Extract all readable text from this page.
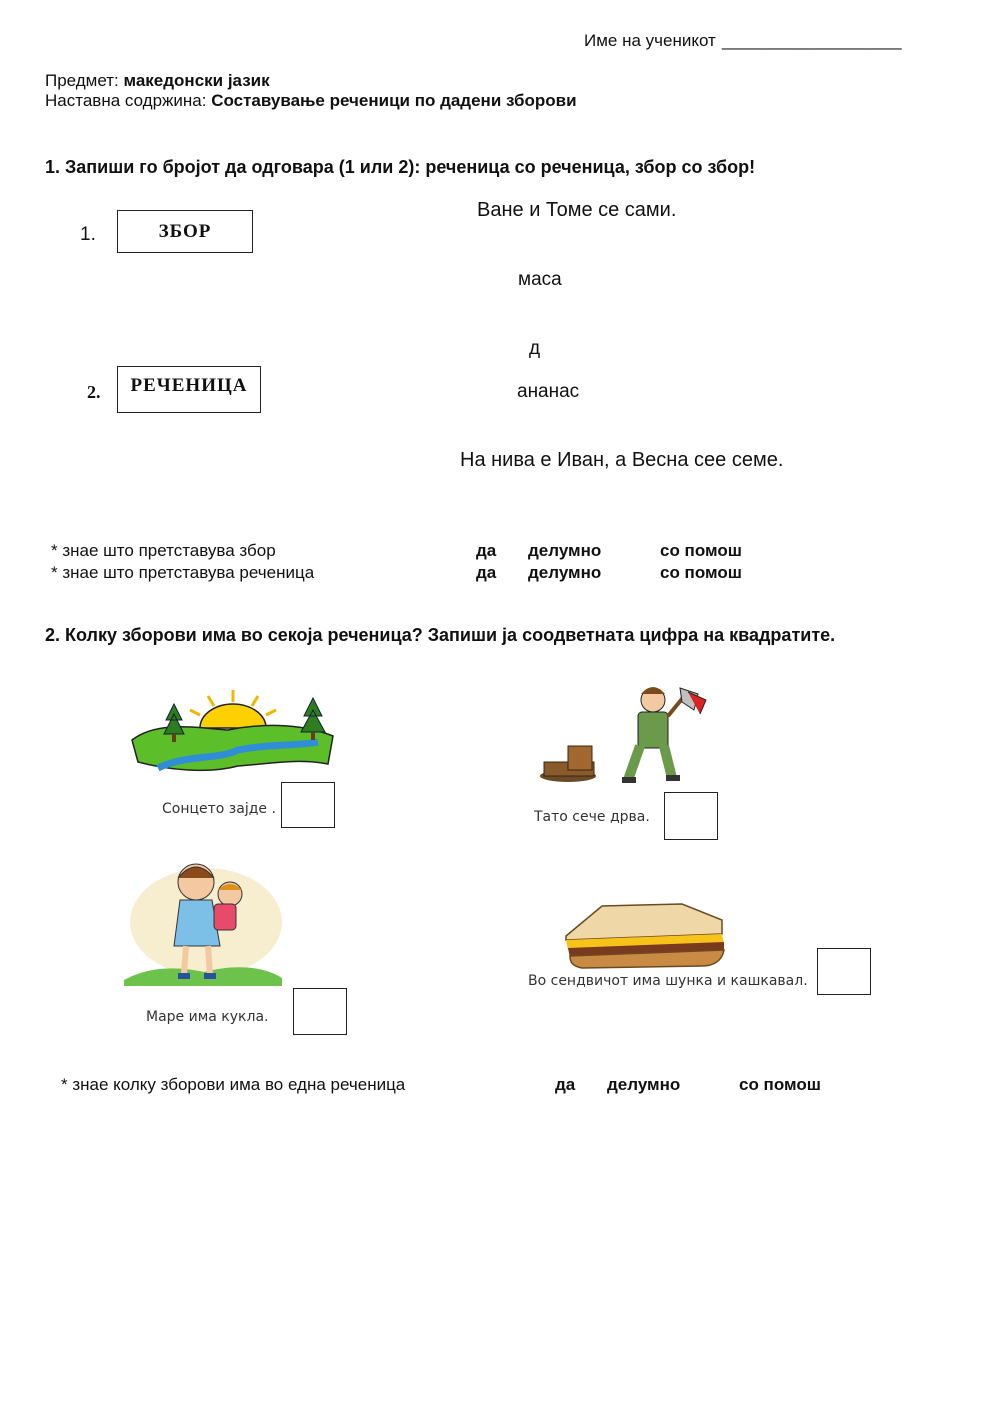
Име на ученикот ___________________
Предмет: македонски јазик
Наставна содржина: Составување реченици по дадени зборови
1. Запиши го бројот да одговара (1 или 2): реченица со реченица, збор со збор!
1.	ЗБОР
2.	РЕЧЕНИЦА
Ване и Томе се сами.
маса
д
ананас
На нива е Иван, а Весна сее семе.
* знае што претставува збор	да делумно	со помош
* знае што претставува реченица	да делумно	со помош
2. Колку зборови има во секоја реченица? Запиши ја соодветната цифра на квадратите.
Сонцето зајде .	Тато сече дрва.
Маре има кукла.
Во сендвичот има шунка и кашкавал.
* знае колку зборови има во една реченица	да делумно	со помош
